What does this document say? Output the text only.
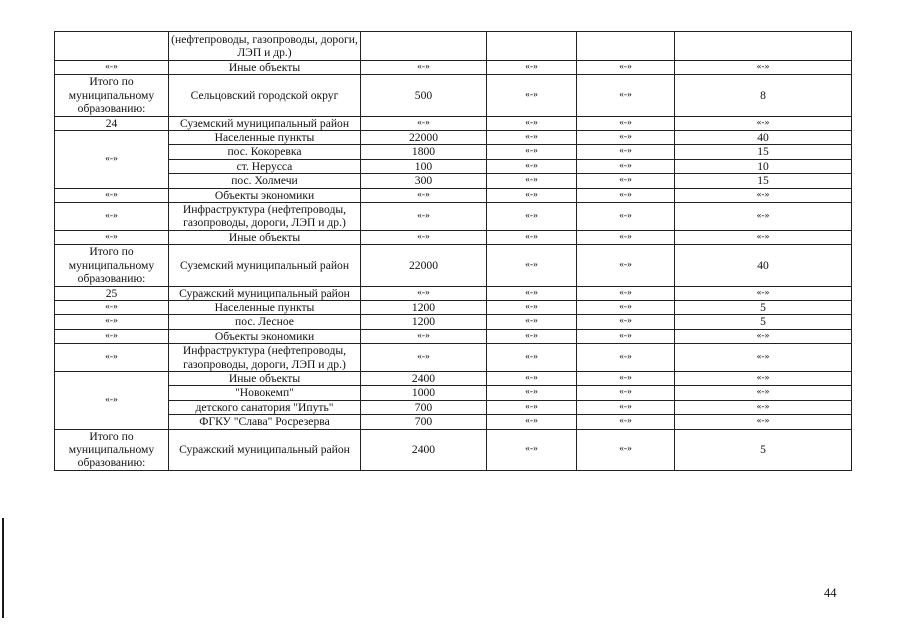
	(нефтепроводы, газопроводы, дороги, ЛЭП и др.)				
«-»	Иные объекты	«-»	«-»	«-»	«-»
Итого по муниципальному образованию:	Сельцовский городской округ	500	«-»	«-»	8
24	Суземский муниципальный район	«-»	«-»	«-»	«-»
«-»	Населенные пункты	22000	«-»	«-»	40
	пос. Кокоревка	1800	«-»	«-»	15
	ст. Нерусса	100	«-»	«-»	10
	пос. Холмечи	300	«-»	«-»	15
«-»	Объекты экономики	«-»	«-»	«-»	«-»
«-»	Инфраструктура (нефтепроводы, газопроводы, дороги, ЛЭП и др.)	«-»	«-»	«-»	«-»
«-»	Иные объекты	«-»	«-»	«-»	«-»
Итого по муниципальному образованию:	Суземский муниципальный район	22000	«-»	«-»	40
25	Суражский муниципальный район	«-»	«-»	«-»	«-»
«-»	Населенные пункты	1200	«-»	«-»	5
«-»	пос. Лесное	1200	«-»	«-»	5
«-»	Объекты экономики	«-»	«-»	«-»	«-»
«-»	Инфраструктура (нефтепроводы, газопроводы, дороги, ЛЭП и др.)	«-»	«-»	«-»	«-»
«-»	Иные объекты	2400	«-»	«-»	«-»
	"Новокемп"	1000	«-»	«-»	«-»
	детского санатория "Ипуть"	700	«-»	«-»	«-»
	ФГКУ "Слава" Росрезерва	700	«-»	«-»	«-»
Итого по муниципальному образованию:	Суражский муниципальный район	2400	«-»	«-»	5
44
